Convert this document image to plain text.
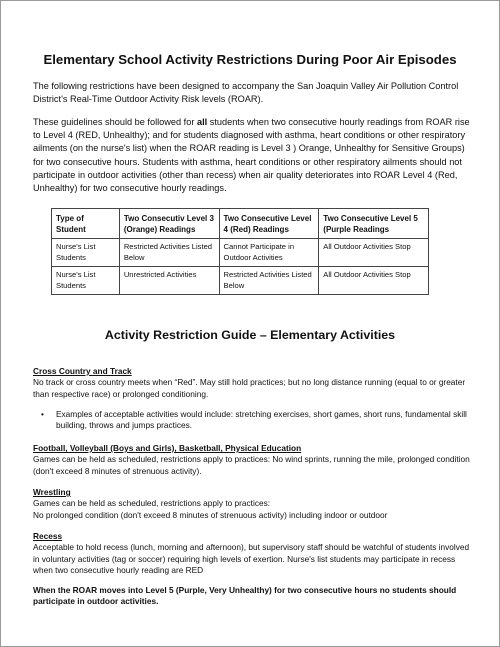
Elementary School Activity Restrictions During Poor Air Episodes

The following restrictions have been designed to accompany the San Joaquin Valley Air Pollution Control District's Real-Time Outdoor Activity Risk levels (ROAR).

These guidelines should be followed for all students when two consecutive hourly readings from ROAR rise to Level 4 (RED, Unhealthy); and for students diagnosed with asthma, heart conditions or other respiratory ailments (on the nurse's list) when the ROAR reading is Level 3 ) Orange, Unhealthy for Sensitive Groups) for two consecutive hours. Students with asthma, heart conditions or other respiratory ailments should not participate in outdoor activities (other than recess) when air quality deteriorates into ROAR Level 4 (Red, Unhealthy) for two consecutive hourly readings.

Type of Student	Two Consecutiv Level 3 (Orange) Readings	Two Consecutive Level 4 (Red) Readings	Two Consecutive Level 5 (Purple Readings
Nurse's List Students	Restricted Activities Listed Below	Cannot Participate in Outdoor Activities	All Outdoor Activities Stop
Nurse's List Students	Unrestricted Activities	Restricted Activities Listed Below	All Outdoor Activities Stop
Activity Restriction Guide – Elementary Activities
Cross Country and Track
No track or cross country meets when “Red”. May still hold practices; but no long distance running (equal to or greater than respective race) or prolonged conditioning.
• Examples of acceptable activities would include: stretching exercises, short games, short runs, fundamental skill building, throws and jumps practices.
Football, Volleyball (Boys and Girls), Basketball, Physical Education
Games can be held as scheduled, restrictions apply to practices: No wind sprints, running the mile, prolonged condition (don't exceed 8 minutes of strenuous activity).
Wrestling
Games can be held as scheduled, restrictions apply to practices:
No prolonged condition (don't exceed 8 minutes of strenuous activity) including indoor or outdoor
Recess
Acceptable to hold recess (lunch, morning and afternoon), but supervisory staff should be watchful of students involved in voluntary activities (tag or soccer) requiring high levels of exertion. Nurse's list students may participate in recess when two consecutive hourly reading are RED
When the ROAR moves into Level 5 (Purple, Very Unhealthy) for two consecutive hours no students should participate in outdoor activities.
